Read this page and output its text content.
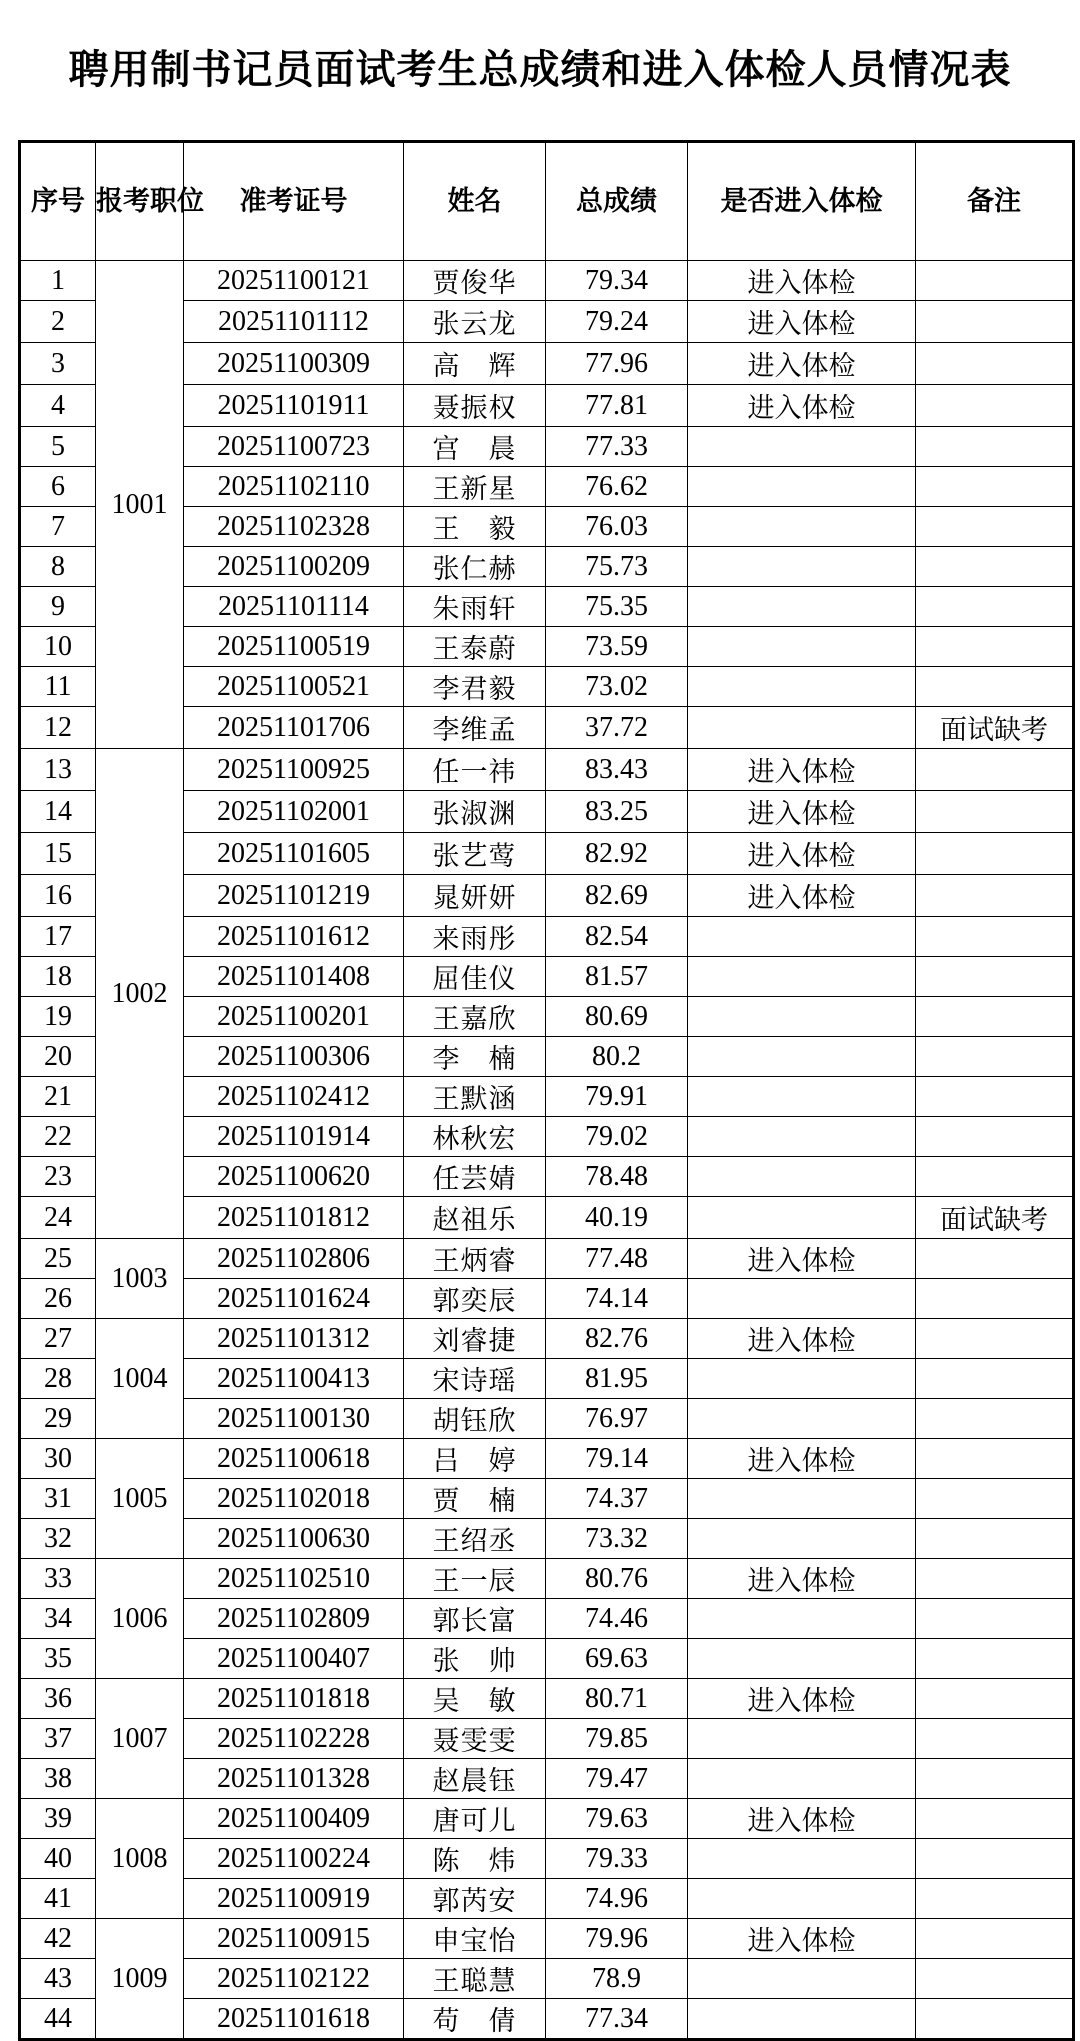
聘用制书记员面试考生总成绩和进入体检人员情况表
序号	报考职位	准考证号	姓名	总成绩	是否进入体检	备注
1	1001	20251100121	贾俊华	79.34	进入体检	
2		20251101112	张云龙	79.24	进入体检	
3		20251100309	高　辉	77.96	进入体检	
4		20251101911	聂振权	77.81	进入体检	
5		20251100723	宫　晨	77.33		
6		20251102110	王新星	76.62		
7		20251102328	王　毅	76.03		
8		20251100209	张仁赫	75.73		
9		20251101114	朱雨轩	75.35		
10		20251100519	王泰蔚	73.59		
11		20251100521	李君毅	73.02		
12		20251101706	李维孟	37.72		面试缺考
13	1002	20251100925	任一祎	83.43	进入体检	
14		20251102001	张淑渊	83.25	进入体检	
15		20251101605	张艺莺	82.92	进入体检	
16		20251101219	晁妍妍	82.69	进入体检	
17		20251101612	来雨彤	82.54		
18		20251101408	屈佳仪	81.57		
19		20251100201	王嘉欣	80.69		
20		20251100306	李　楠	80.2		
21		20251102412	王默涵	79.91		
22		20251101914	林秋宏	79.02		
23		20251100620	任芸婧	78.48		
24		20251101812	赵祖乐	40.19		面试缺考
25	1003	20251102806	王炳睿	77.48	进入体检	
26		20251101624	郭奕辰	74.14		
27	1004	20251101312	刘睿捷	82.76	进入体检	
28		20251100413	宋诗瑶	81.95		
29		20251100130	胡钰欣	76.97		
30	1005	20251100618	吕　婷	79.14	进入体检	
31		20251102018	贾　楠	74.37		
32		20251100630	王绍丞	73.32		
33	1006	20251102510	王一辰	80.76	进入体检	
34		20251102809	郭长富	74.46		
35		20251100407	张　帅	69.63		
36	1007	20251101818	吴　敏	80.71	进入体检	
37		20251102228	聂雯雯	79.85		
38		20251101328	赵晨钰	79.47		
39	1008	20251100409	唐可儿	79.63	进入体检	
40		20251100224	陈　炜	79.33		
41		20251100919	郭芮安	74.96		
42	1009	20251100915	申宝怡	79.96	进入体检	
43		20251102122	王聪慧	78.9		
44		20251101618	苟　倩	77.34		
